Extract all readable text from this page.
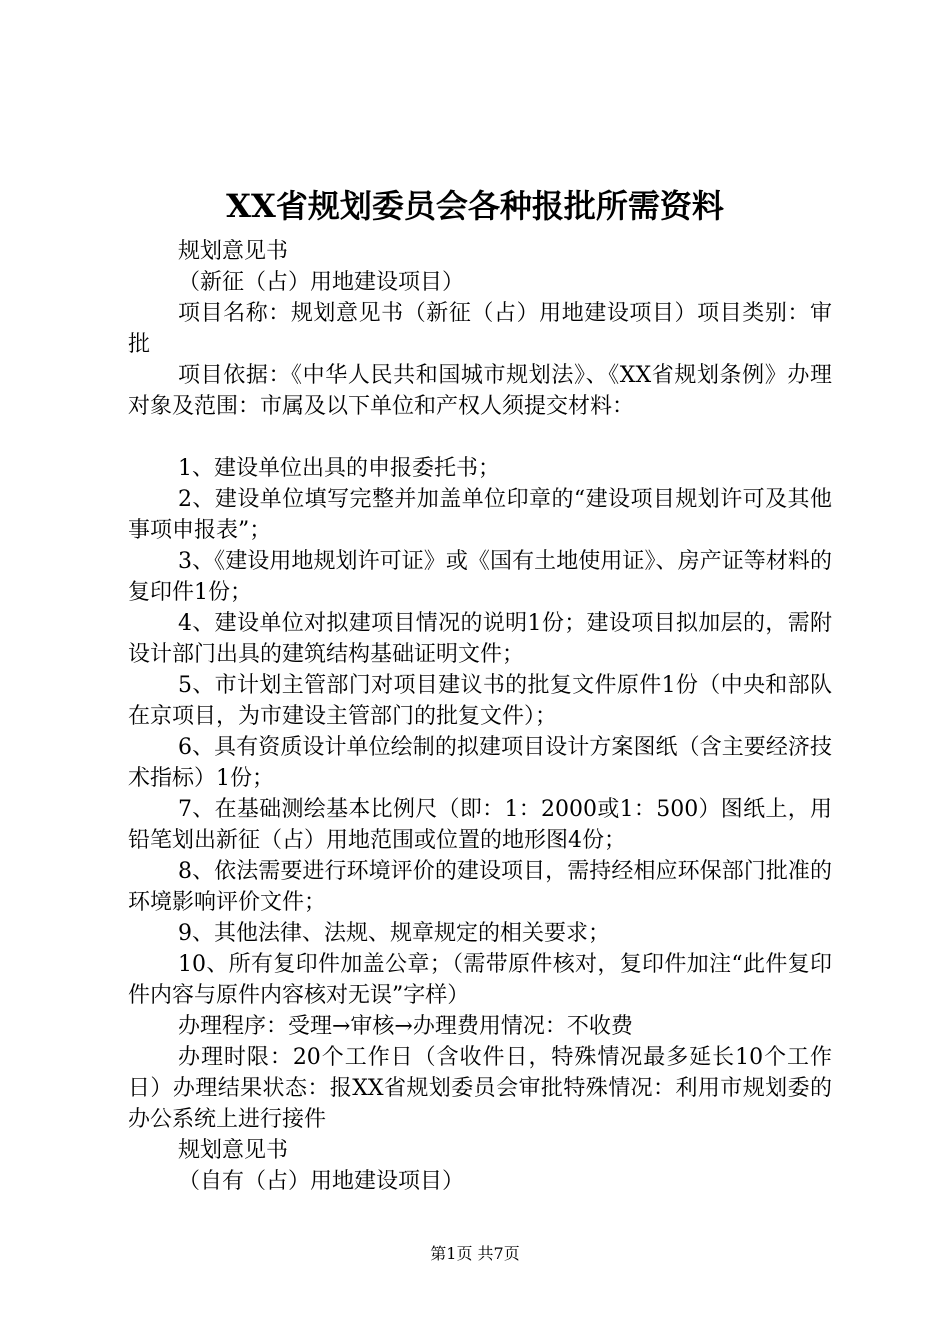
XX省规划委员会各种报批所需资料

规划意见书

（新征（占）用地建设项目）

项目名称：规划意见书（新征（占）用地建设项目）项目类别：审批

项目依据：《中华人民共和国城市规划法》、《XX省规划条例》办理对象及范围：市属及以下单位和产权人须提交材料：

1、建设单位出具的申报委托书；

2、建设单位填写完整并加盖单位印章的“建设项目规划许可及其他事项申报表”；

3、《建设用地规划许可证》或《国有土地使用证》、房产证等材料的复印件1份；

4、建设单位对拟建项目情况的说明1份；建设项目拟加层的，需附设计部门出具的建筑结构基础证明文件；

5、市计划主管部门对项目建议书的批复文件原件1份（中央和部队在京项目，为市建设主管部门的批复文件）；

6、具有资质设计单位绘制的拟建项目设计方案图纸（含主要经济技术指标）1份；

7、在基础测绘基本比例尺（即：1：2000或1：500）图纸上，用铅笔划出新征（占）用地范围或位置的地形图4份；

8、依法需要进行环境评价的建设项目，需持经相应环保部门批准的环境影响评价文件；

9、其他法律、法规、规章规定的相关要求；

10、所有复印件加盖公章；（需带原件核对，复印件加注“此件复印件内容与原件内容核对无误”字样）

办理程序：受理→审核→办理费用情况：不收费

办理时限：20个工作日（含收件日，特殊情况最多延长10个工作日）办理结果状态：报XX省规划委员会审批特殊情况：利用市规划委的办公系统上进行接件

规划意见书

（自有（占）用地建设项目）

第1页 共7页
